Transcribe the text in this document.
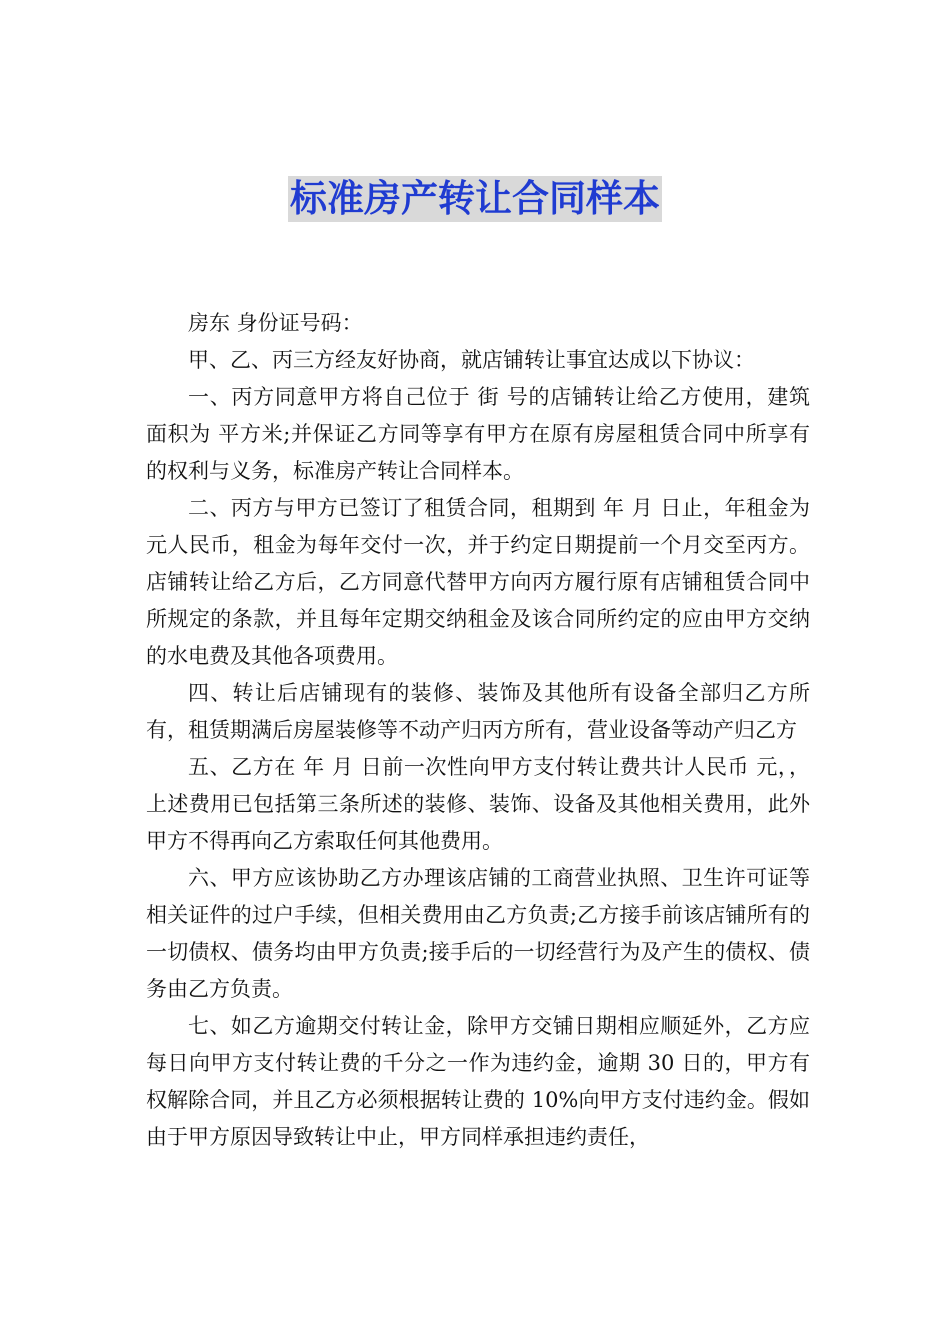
标准房产转让合同样本

房东 身份证号码：

甲、乙、丙三方经友好协商，就店铺转让事宜达成以下协议：

一、丙方同意甲方将自己位于 街 号的店铺转让给乙方使用，建筑面积为 平方米;并保证乙方同等享有甲方在原有房屋租赁合同中所享有的权利与义务，标准房产转让合同样本。

二、丙方与甲方已签订了租赁合同，租期到 年 月 日止，年租金为 元人民币，租金为每年交付一次，并于约定日期提前一个月交至丙方。店铺转让给乙方后，乙方同意代替甲方向丙方履行原有店铺租赁合同中所规定的条款，并且每年定期交纳租金及该合同所约定的应由甲方交纳的水电费及其他各项费用。

四、转让后店铺现有的装修、装饰及其他所有设备全部归乙方所有，租赁期满后房屋装修等不动产归丙方所有，营业设备等动产归乙方

五、乙方在 年 月 日前一次性向甲方支付转让费共计人民币 元，，上述费用已包括第三条所述的装修、装饰、设备及其他相关费用，此外甲方不得再向乙方索取任何其他费用。

六、甲方应该协助乙方办理该店铺的工商营业执照、卫生许可证等相关证件的过户手续，但相关费用由乙方负责;乙方接手前该店铺所有的一切债权、债务均由甲方负责;接手后的一切经营行为及产生的债权、债务由乙方负责。

七、如乙方逾期交付转让金，除甲方交铺日期相应顺延外，乙方应每日向甲方支付转让费的千分之一作为违约金，逾期 30 日的，甲方有权解除合同，并且乙方必须根据转让费的 10%向甲方支付违约金。假如由于甲方原因导致转让中止，甲方同样承担违约责任，
